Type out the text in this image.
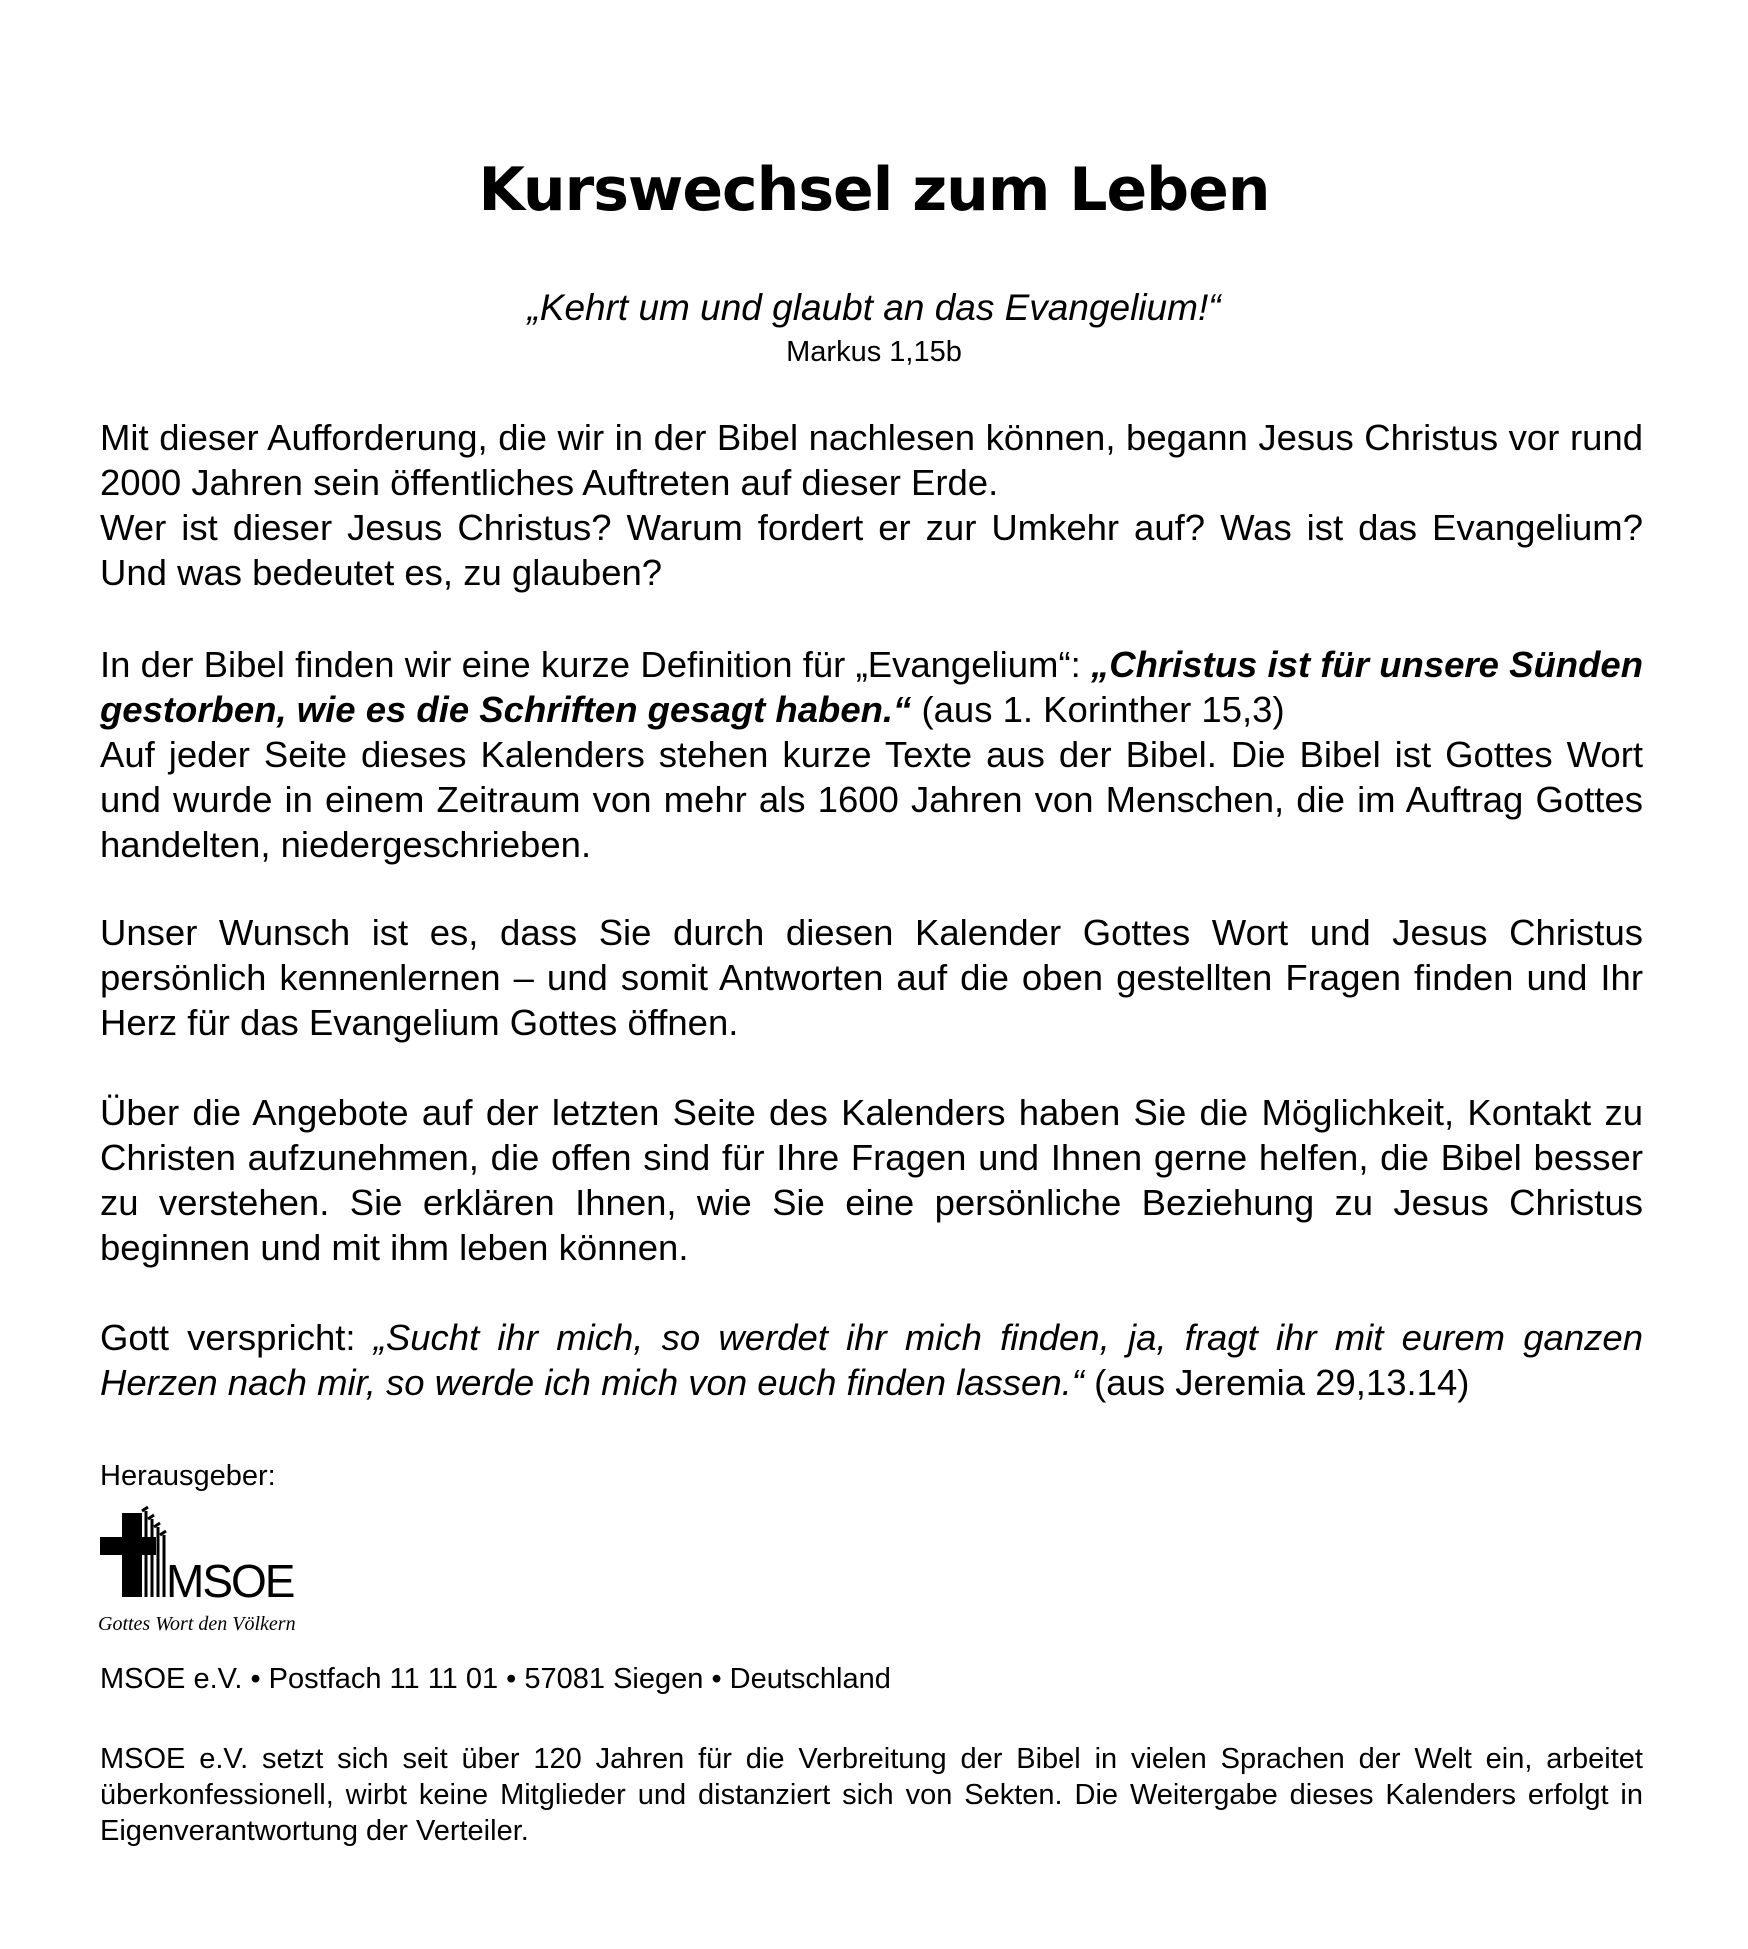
Kurswechsel zum Leben
„Kehrt um und glaubt an das Evangelium!“
Markus 1,15b

Mit dieser Aufforderung, die wir in der Bibel nachlesen können, begann Jesus Christus vor rund 2000 Jahren sein öffentliches Auftreten auf dieser Erde.
Wer ist dieser Jesus Christus? Warum fordert er zur Umkehr auf? Was ist das Evangelium? Und was bedeutet es, zu glauben?

In der Bibel finden wir eine kurze Definition für „Evangelium“: „Christus ist für unsere Sünden gestorben, wie es die Schriften gesagt haben.“ (aus 1. Korinther 15,3)
Auf jeder Seite dieses Kalenders stehen kurze Texte aus der Bibel. Die Bibel ist Gottes Wort und wurde in einem Zeitraum von mehr als 1600 Jahren von Menschen, die im Auftrag Gottes handelten, niedergeschrieben.

Unser Wunsch ist es, dass Sie durch diesen Kalender Gottes Wort und Jesus Christus persönlich kennenlernen – und somit Antworten auf die oben gestellten Fragen finden und Ihr Herz für das Evangelium Gottes öffnen.

Über die Angebote auf der letzten Seite des Kalenders haben Sie die Möglichkeit, Kontakt zu Christen aufzunehmen, die offen sind für Ihre Fragen und Ihnen gerne helfen, die Bibel besser zu verstehen. Sie erklären Ihnen, wie Sie eine persönliche Beziehung zu Jesus Christus beginnen und mit ihm leben können.

Gott verspricht: „Sucht ihr mich, so werdet ihr mich finden, ja, fragt ihr mit eurem ganzen Herzen nach mir, so werde ich mich von euch finden lassen.“ (aus Jeremia 29,13.14)

Herausgeber:
MSOE
Gottes Wort den Völkern
MSOE e.V. • Postfach 11 11 01 • 57081 Siegen • Deutschland

MSOE e.V. setzt sich seit über 120 Jahren für die Verbreitung der Bibel in vielen Sprachen der Welt ein, arbeitet überkonfessionell, wirbt keine Mitglieder und distanziert sich von Sekten. Die Weitergabe dieses Kalenders erfolgt in Eigenverantwortung der Verteiler.
